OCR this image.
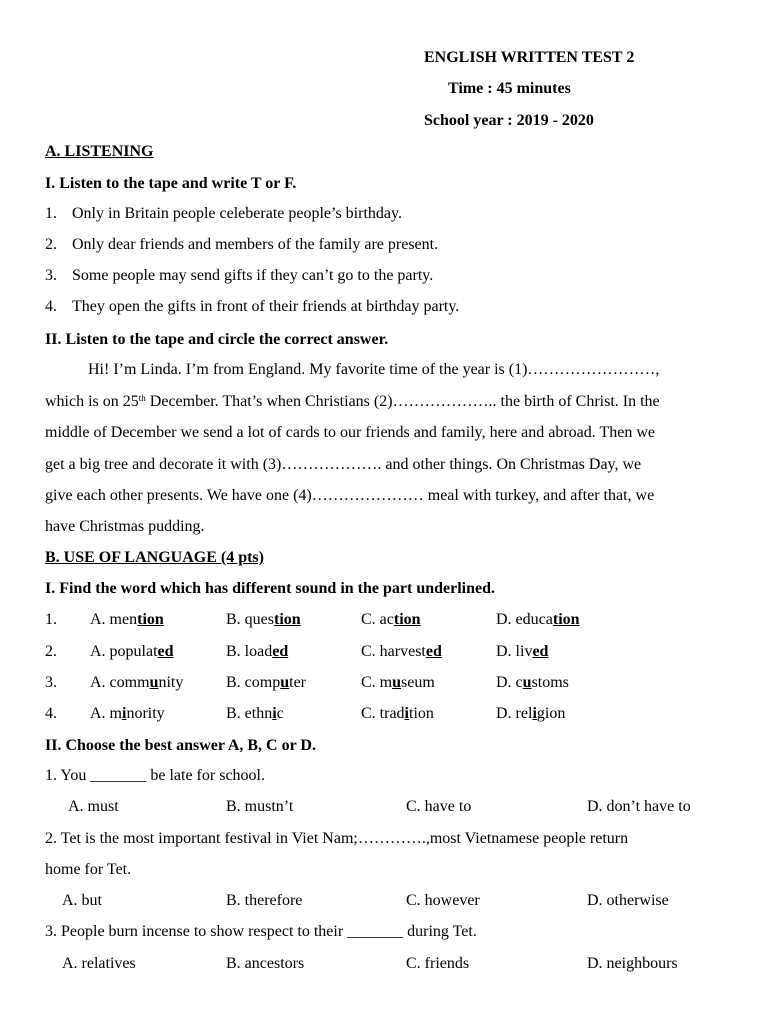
ENGLISH WRITTEN TEST 2
Time : 45 minutes
School year : 2019 - 2020
A. LISTENING
I. Listen to the tape and write T or F.
1. Only in Britain people celeberate people’s birthday.
2. Only dear friends and members of the family are present.
3. Some people may send gifts if they can’t go to the party.
4. They open the gifts in front of their friends at birthday party.
II. Listen to the tape and circle the correct answer.
Hi! I’m Linda. I’m from England. My favorite time of the year is (1)……………………,
which is on 25th December. That’s when Christians (2)……………….. the birth of Christ. In the
middle of December we send a lot of cards to our friends and family, here and abroad. Then we
get a big tree and decorate it with (3)………………. and other things. On Christmas Day, we
give each other presents. We have one (4)………………… meal with turkey, and after that, we
have Christmas pudding.
B. USE OF LANGUAGE (4 pts)
I. Find the word which has different sound in the part underlined.
1. A. mention	B. question	C. action	D. education
2. A. populated	B. loaded	C. harvested	D. lived
3. A. community	B. computer	C. museum	D. customs
4. A. minority	B. ethnic	C. tradition	D. religion
II. Choose the best answer A, B, C or D.
1. You _______ be late for school.
A. must	B. mustn’t	C. have to	D. don’t have to
2. Tet is the most important festival in Viet Nam;………….,most Vietnamese people return
home for Tet.
A. but	B. therefore	C. however	D. otherwise
3. People burn incense to show respect to their _______ during Tet.
A. relatives	B. ancestors	C. friends	D. neighbours
